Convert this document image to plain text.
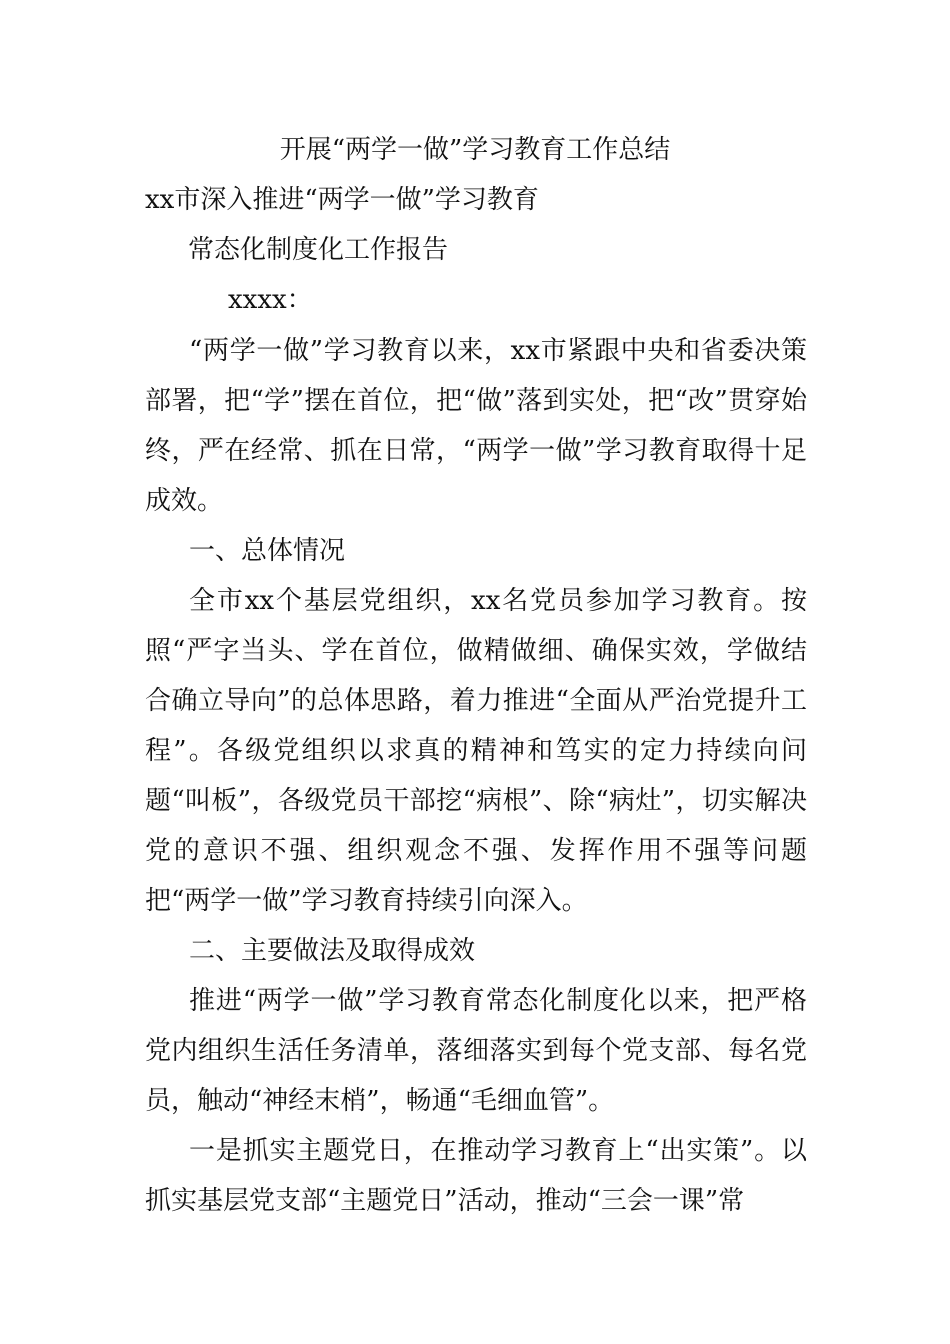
开展“两学一做”学习教育工作总结

xx市深入推进“两学一做”学习教育

常态化制度化工作报告

xxxx：

“两学一做”学习教育以来，xx市紧跟中央和省委决策部署，把“学”摆在首位，把“做”落到实处，把“改”贯穿始终，严在经常、抓在日常，“两学一做”学习教育取得十足成效。

一、总体情况

全市xx个基层党组织，xx名党员参加学习教育。按照“严字当头、学在首位，做精做细、确保实效，学做结合确立导向”的总体思路，着力推进“全面从严治党提升工程”。各级党组织以求真的精神和笃实的定力持续向问题“叫板”，各级党员干部挖“病根”、除“病灶”，切实解决党的意识不强、组织观念不强、发挥作用不强等问题把“两学一做”学习教育持续引向深入。

二、主要做法及取得成效

推进“两学一做”学习教育常态化制度化以来，把严格党内组织生活任务清单，落细落实到每个党支部、每名党员，触动“神经末梢”，畅通“毛细血管”。

一是抓实主题党日，在推动学习教育上“出实策”。以抓实基层党支部“主题党日”活动，推动“三会一课”常
